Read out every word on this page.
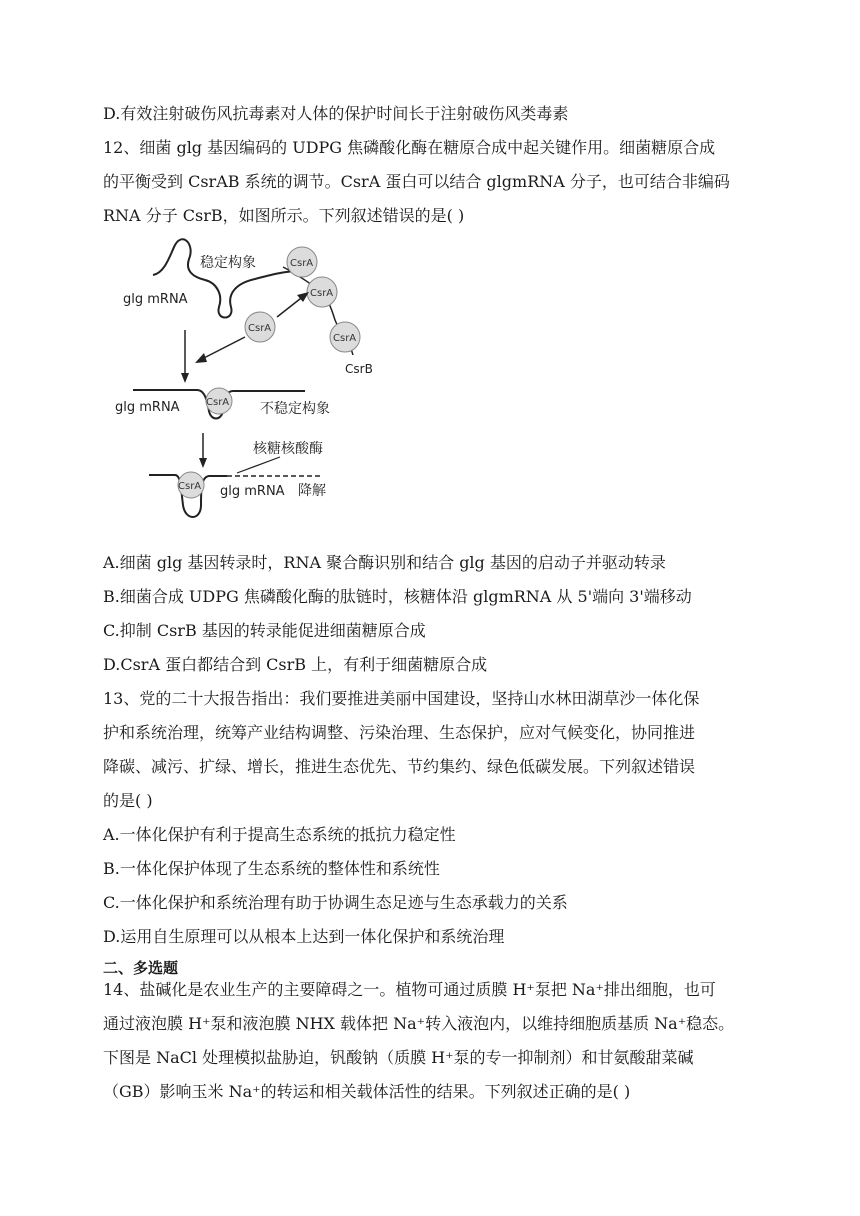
D.有效注射破伤风抗毒素对人体的保护时间长于注射破伤风类毒素
12、细菌 glg 基因编码的 UDPG 焦磷酸化酶在糖原合成中起关键作用。细菌糖原合成
的平衡受到 CsrAB 系统的调节。CsrA 蛋白可以结合 glgmRNA 分子，也可结合非编码
RNA 分子 CsrB，如图所示。下列叙述错误的是( )
稳定构象
glg mRNA
CsrA
CsrA
CsrA
CsrB
CsrA
CsrA
glg mRNA	不稳定构象
核糖核酸酶
CsrA glg mRNA 降解
A.细菌 glg 基因转录时，RNA 聚合酶识别和结合 glg 基因的启动子并驱动转录
B.细菌合成 UDPG 焦磷酸化酶的肽链时，核糖体沿 glgmRNA 从 5'端向 3'端移动
C.抑制 CsrB 基因的转录能促进细菌糖原合成
D.CsrA 蛋白都结合到 CsrB 上，有利于细菌糖原合成
13、党的二十大报告指出：我们要推进美丽中国建设，坚持山水林田湖草沙一体化保
护和系统治理，统筹产业结构调整、污染治理、生态保护，应对气候变化，协同推进
降碳、减污、扩绿、增长，推进生态优先、节约集约、绿色低碳发展。下列叙述错误
的是( )
A.一体化保护有利于提高生态系统的抵抗力稳定性
B.一体化保护体现了生态系统的整体性和系统性
C.一体化保护和系统治理有助于协调生态足迹与生态承载力的关系
D.运用自生原理可以从根本上达到一体化保护和系统治理
二、多选题
14、盐碱化是农业生产的主要障碍之一。植物可通过质膜 H⁺泵把 Na⁺排出细胞，也可
通过液泡膜 H⁺泵和液泡膜 NHX 载体把 Na⁺转入液泡内，以维持细胞质基质 Na⁺稳态。
下图是 NaCl 处理模拟盐胁迫，钒酸钠（质膜 H⁺泵的专一抑制剂）和甘氨酸甜菜碱
（GB）影响玉米 Na⁺的转运和相关载体活性的结果。下列叙述正确的是( )
